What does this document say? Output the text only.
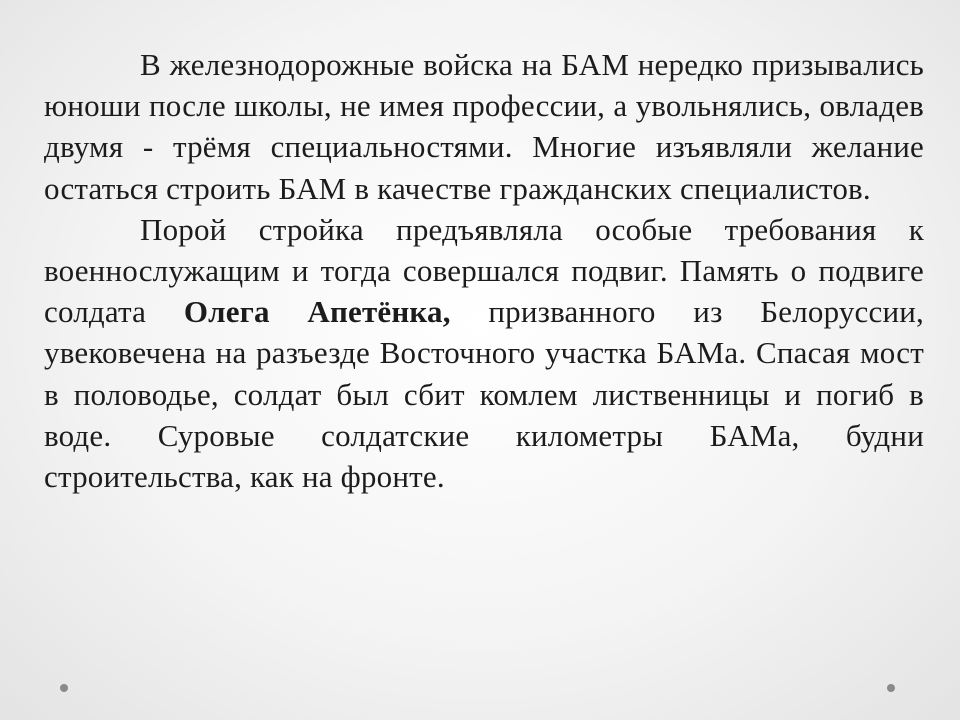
В железнодорожные войска на БАМ нередко призывались юноши после школы, не имея профессии, а увольнялись, овладев двумя - трёмя специальностями. Многие изъявляли желание остаться строить БАМ в качестве гражданских специалистов.

Порой стройка предъявляла особые требования к военнослужащим и тогда совершался подвиг. Память о подвиге солдата Олега Апетёнка, призванного из Белоруссии, увековечена на разъезде Восточного участка БАМа. Спасая мост в половодье, солдат был сбит комлем лиственницы и погиб в воде. Суровые солдатские километры БАМа, будни строительства, как на фронте.
